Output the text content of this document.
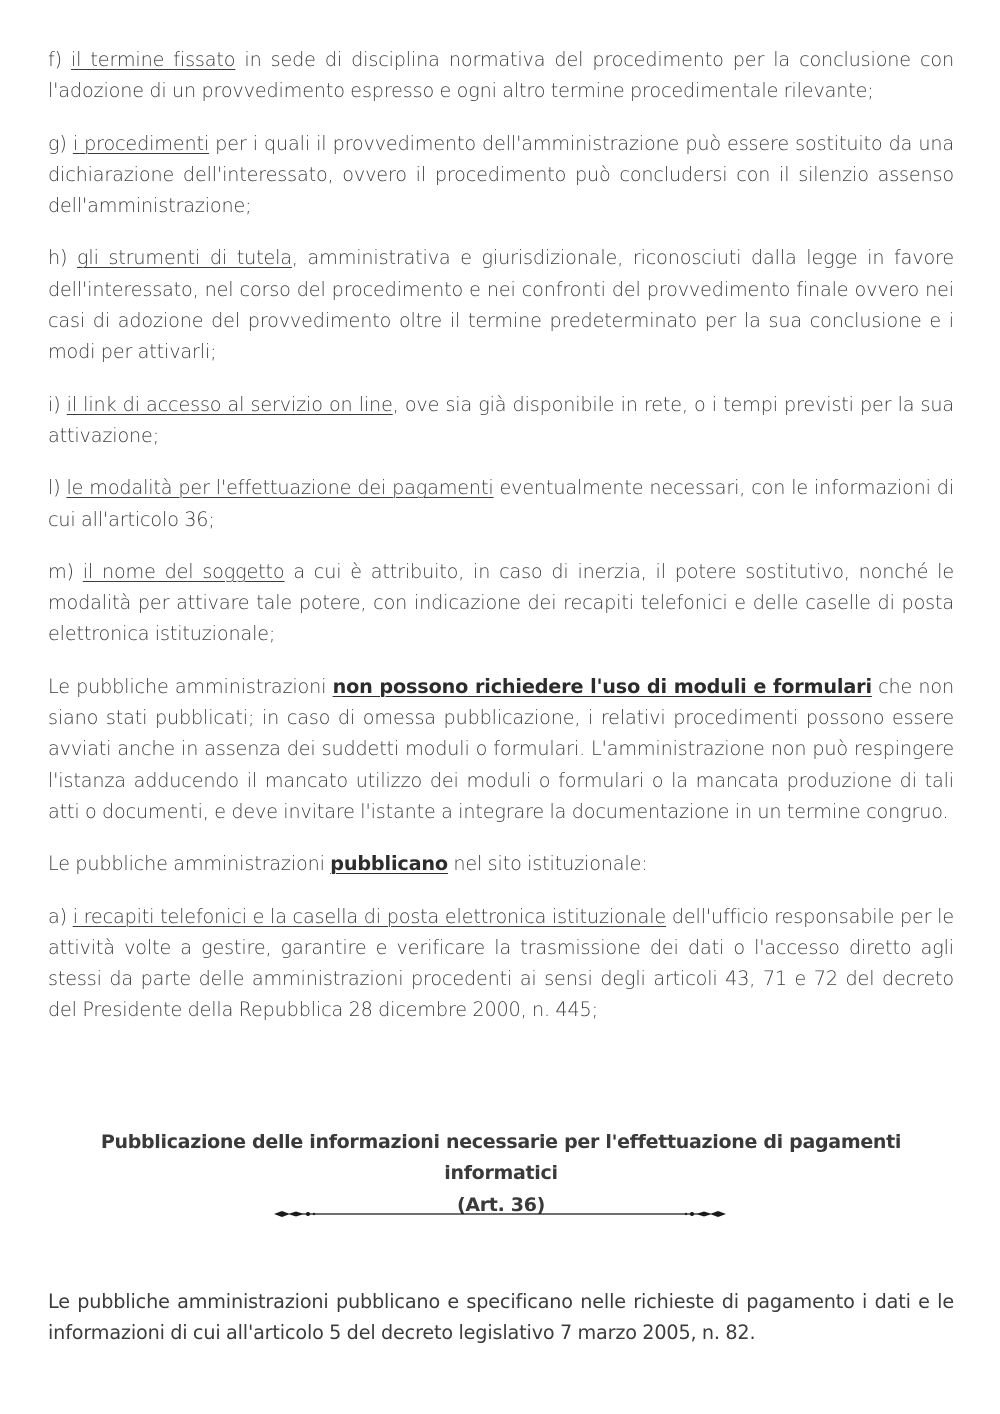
f) il termine fissato in sede di disciplina normativa del procedimento per la conclusione con l'adozione di un provvedimento espresso e ogni altro termine procedimentale rilevante;

g) i procedimenti per i quali il provvedimento dell'amministrazione può essere sostituito da una dichiarazione dell'interessato, ovvero il procedimento può concludersi con il silenzio assenso dell'amministrazione;

h) gli strumenti di tutela, amministrativa e giurisdizionale, riconosciuti dalla legge in favore dell'interessato, nel corso del procedimento e nei confronti del provvedimento finale ovvero nei casi di adozione del provvedimento oltre il termine predeterminato per la sua conclusione e i modi per attivarli;

i) il link di accesso al servizio on line, ove sia già disponibile in rete, o i tempi previsti per la sua attivazione;

l) le modalità per l'effettuazione dei pagamenti eventualmente necessari, con le informazioni di cui all'articolo 36;

m) il nome del soggetto a cui è attribuito, in caso di inerzia, il potere sostitutivo, nonché le modalità per attivare tale potere, con indicazione dei recapiti telefonici e delle caselle di posta elettronica istituzionale;

Le pubbliche amministrazioni non possono richiedere l'uso di moduli e formulari che non siano stati pubblicati; in caso di omessa pubblicazione, i relativi procedimenti possono essere avviati anche in assenza dei suddetti moduli o formulari. L'amministrazione non può respingere l'istanza adducendo il mancato utilizzo dei moduli o formulari o la mancata produzione di tali atti o documenti, e deve invitare l'istante a integrare la documentazione in un termine congruo.

Le pubbliche amministrazioni pubblicano nel sito istituzionale:

a) i recapiti telefonici e la casella di posta elettronica istituzionale dell'ufficio responsabile per le attività volte a gestire, garantire e verificare la trasmissione dei dati o l'accesso diretto agli stessi da parte delle amministrazioni procedenti ai sensi degli articoli 43, 71 e 72 del decreto del Presidente della Repubblica 28 dicembre 2000, n. 445;

Pubblicazione delle informazioni necessarie per l'effettuazione di pagamenti informatici
(Art. 36)

Le pubbliche amministrazioni pubblicano e specificano nelle richieste di pagamento i dati e le informazioni di cui all'articolo 5 del decreto legislativo 7 marzo 2005, n. 82.
